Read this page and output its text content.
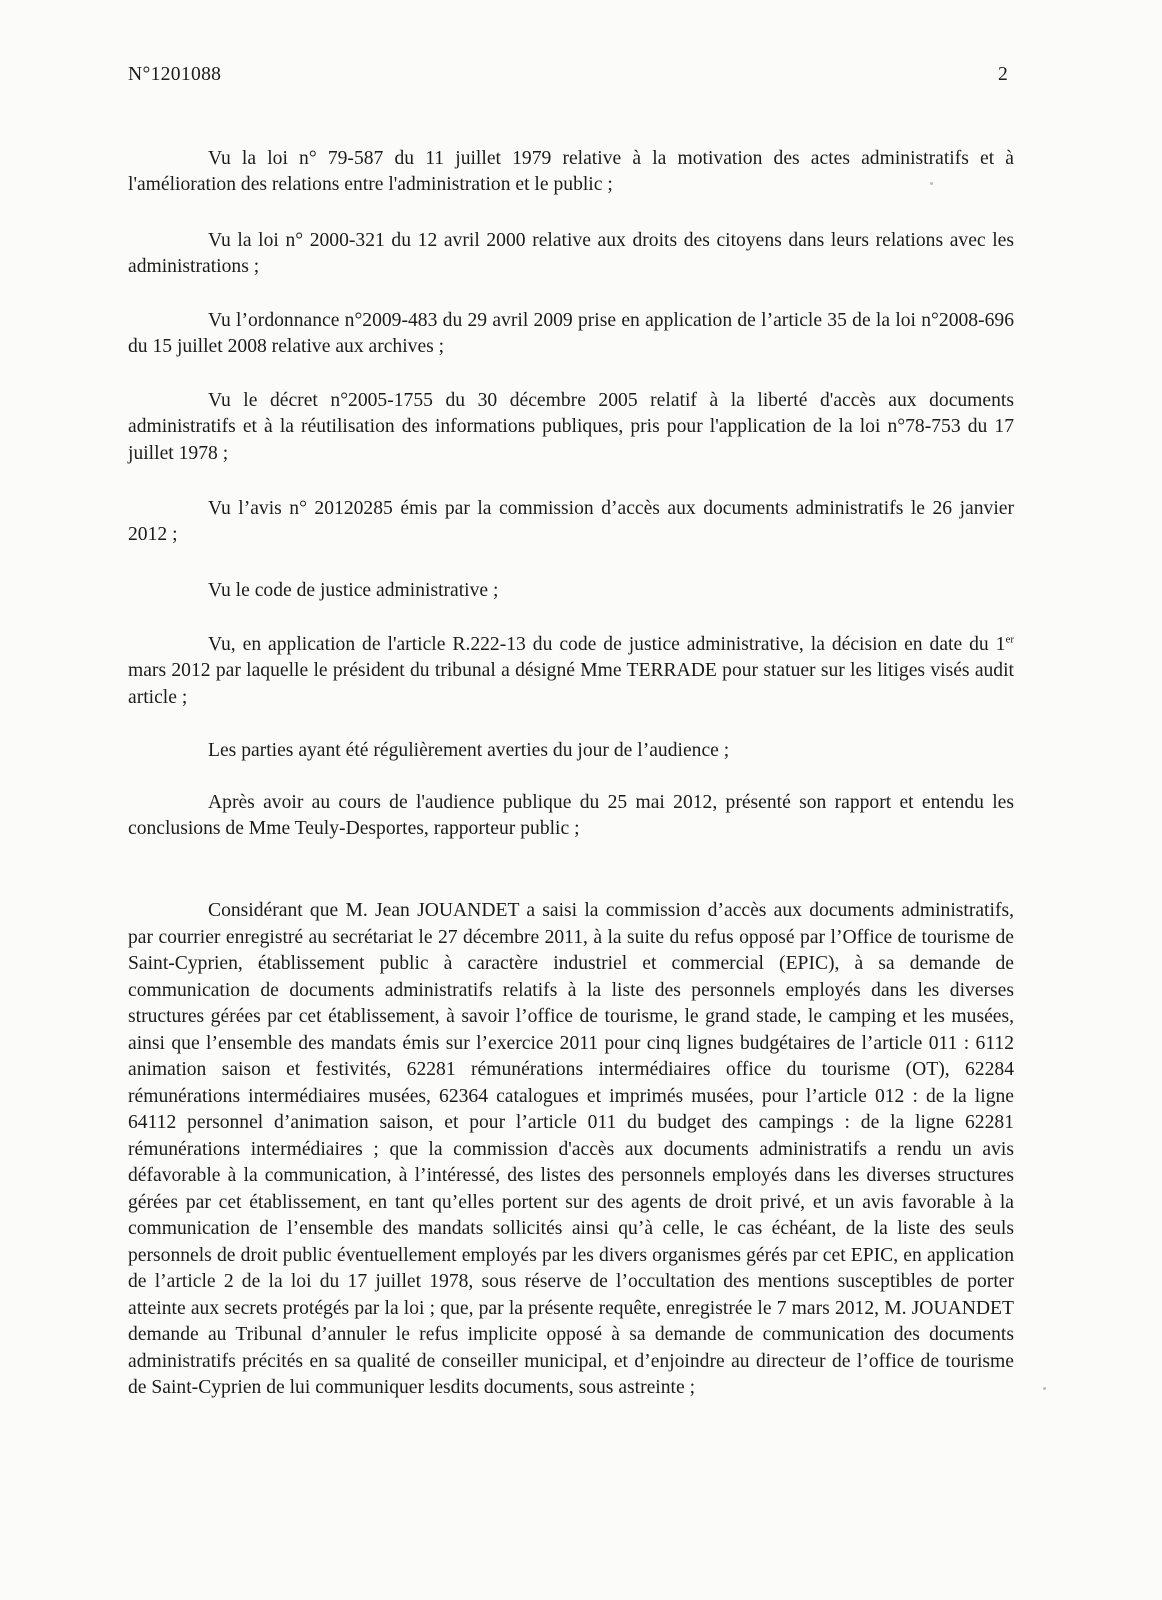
N°1201088	2

Vu la loi n° 79-587 du 11 juillet 1979 relative à la motivation des actes administratifs et à l'amélioration des relations entre l'administration et le public ;

Vu la loi n° 2000-321 du 12 avril 2000 relative aux droits des citoyens dans leurs relations avec les administrations ;

Vu l’ordonnance n°2009-483 du 29 avril 2009 prise en application de l’article 35 de la loi n°2008-696 du 15 juillet 2008 relative aux archives ;

Vu le décret n°2005-1755 du 30 décembre 2005 relatif à la liberté d'accès aux documents administratifs et à la réutilisation des informations publiques, pris pour l'application de la loi n°78-753 du 17 juillet 1978 ;

Vu l’avis n° 20120285 émis par la commission d’accès aux documents administratifs le 26 janvier 2012 ;

Vu le code de justice administrative ;

Vu, en application de l'article R.222-13 du code de justice administrative, la décision en date du 1er mars 2012 par laquelle le président du tribunal a désigné Mme TERRADE pour statuer sur les litiges visés audit article ;

Les parties ayant été régulièrement averties du jour de l’audience ;

Après avoir au cours de l'audience publique du 25 mai 2012, présenté son rapport et entendu les conclusions de Mme Teuly-Desportes, rapporteur public ;

Considérant que M. Jean JOUANDET a saisi la commission d’accès aux documents administratifs, par courrier enregistré au secrétariat le 27 décembre 2011, à la suite du refus opposé par l’Office de tourisme de Saint-Cyprien, établissement public à caractère industriel et commercial (EPIC), à sa demande de communication de documents administratifs relatifs à la liste des personnels employés dans les diverses structures gérées par cet établissement, à savoir l’office de tourisme, le grand stade, le camping et les musées, ainsi que l’ensemble des mandats émis sur l’exercice 2011 pour cinq lignes budgétaires de l’article 011 : 6112 animation saison et festivités, 62281 rémunérations intermédiaires office du tourisme (OT), 62284 rémunérations intermédiaires musées, 62364 catalogues et imprimés musées, pour l’article 012 : de la ligne 64112 personnel d’animation saison, et pour l’article 011 du budget des campings : de la ligne 62281 rémunérations intermédiaires ; que la commission d'accès aux documents administratifs a rendu un avis défavorable à la communication, à l’intéressé, des listes des personnels employés dans les diverses structures gérées par cet établissement, en tant qu’elles portent sur des agents de droit privé, et un avis favorable à la communication de l’ensemble des mandats sollicités ainsi qu’à celle, le cas échéant, de la liste des seuls personnels de droit public éventuellement employés par les divers organismes gérés par cet EPIC, en application de l’article 2 de la loi du 17 juillet 1978, sous réserve de l’occultation des mentions susceptibles de porter atteinte aux secrets protégés par la loi ; que, par la présente requête, enregistrée le 7 mars 2012, M. JOUANDET demande au Tribunal d’annuler le refus implicite opposé à sa demande de communication des documents administratifs précités en sa qualité de conseiller municipal, et d’enjoindre au directeur de l’office de tourisme de Saint-Cyprien de lui communiquer lesdits documents, sous astreinte ;
